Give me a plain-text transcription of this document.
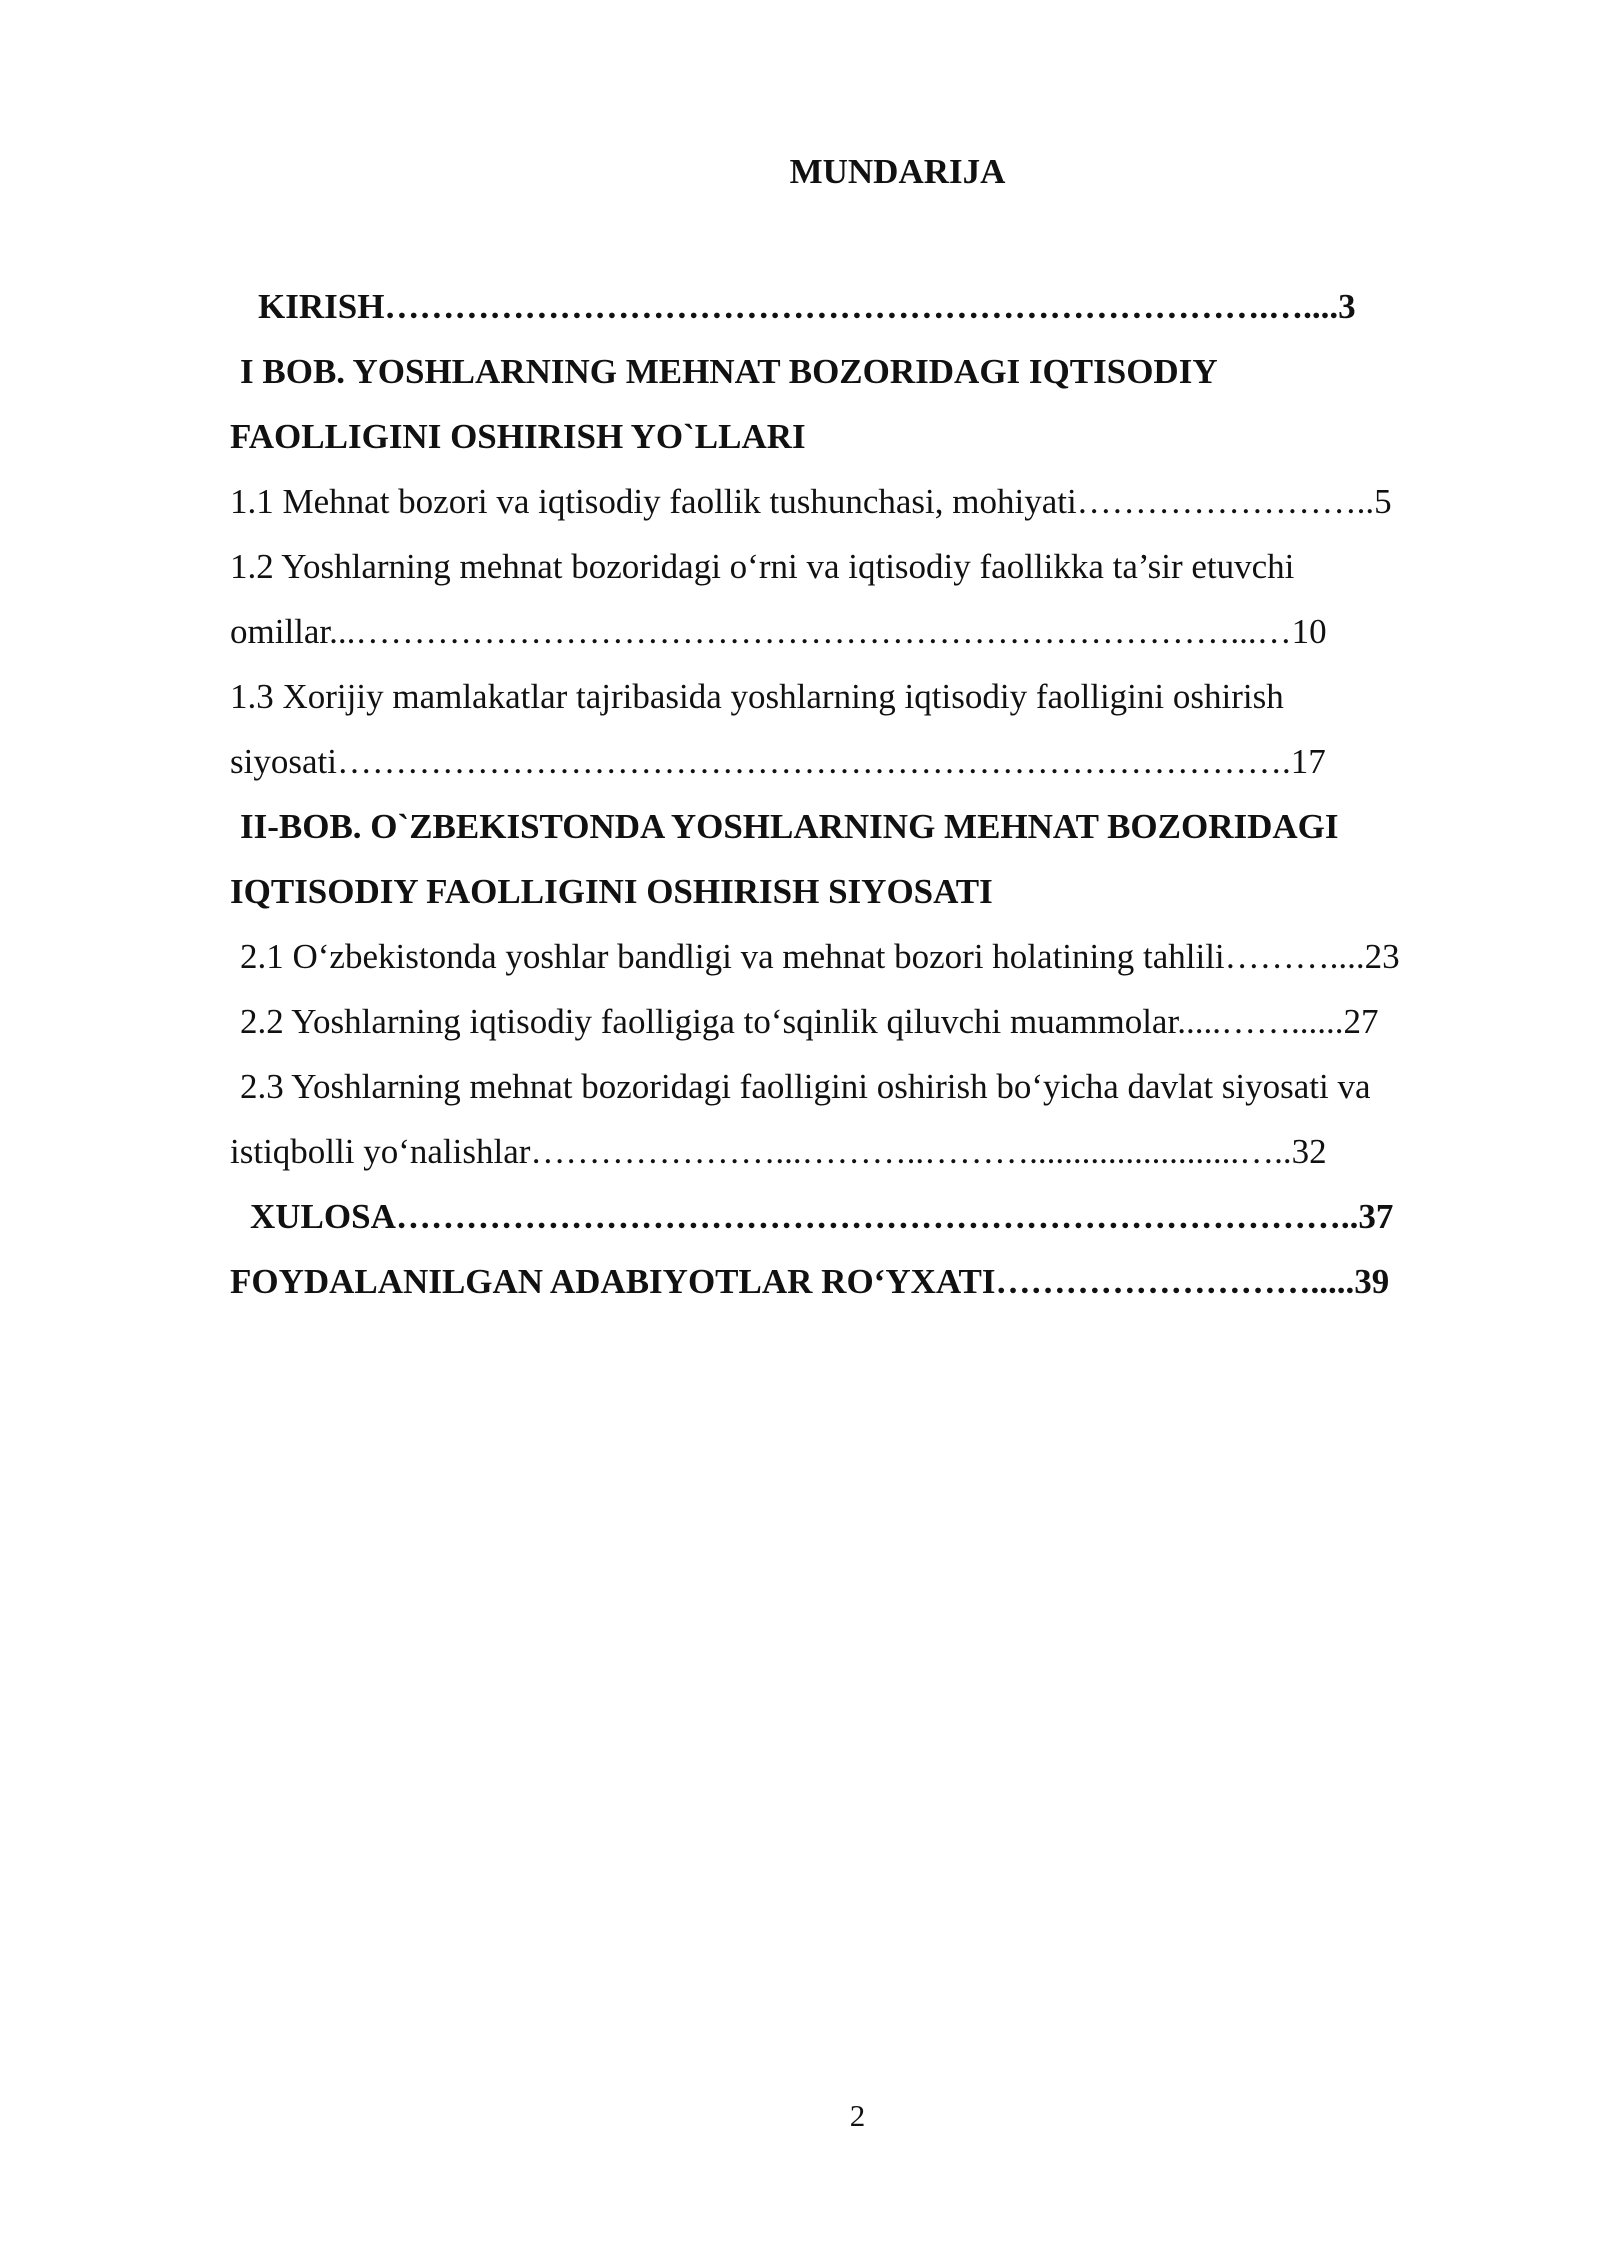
MUNDARIJA
KIRISH………………………………………………………………….…....3
I BOB. YOSHLARNING MEHNAT BOZORIDAGI IQTISODIY
FAOLLIGINI OSHIRISH YO`LLARI
1.1 Mehnat bozori va iqtisodiy faollik tushunchasi, mohiyati……………………..5
1.2 Yoshlarning mehnat bozoridagi o‘rni va iqtisodiy faollikka ta’sir etuvchi
omillar...…………………………………………………………………...…10
1.3 Xorijiy mamlakatlar tajribasida yoshlarning iqtisodiy faolligini oshirish
siyosati……………………………………………………………………….17
II-BOB. O`ZBEKISTONDA YOSHLARNING MEHNAT BOZORIDAGI
IQTISODIY FAOLLIGINI OSHIRISH SIYOSATI
2.1 O‘zbekistonda yoshlar bandligi va mehnat bozori holatining tahlili………....23
2.2 Yoshlarning iqtisodiy faolligiga to‘sqinlik qiluvchi muammolar.....……......27
2.3 Yoshlarning mehnat bozoridagi faolligini oshirish bo‘yicha davlat siyosati va
istiqbolli yo‘nalishlar…………………...………..………........................…..32
XULOSA………………………………………………………………………..37
FOYDALANILGAN ADABIYOTLAR RO‘YXATI……………………….....39
2
